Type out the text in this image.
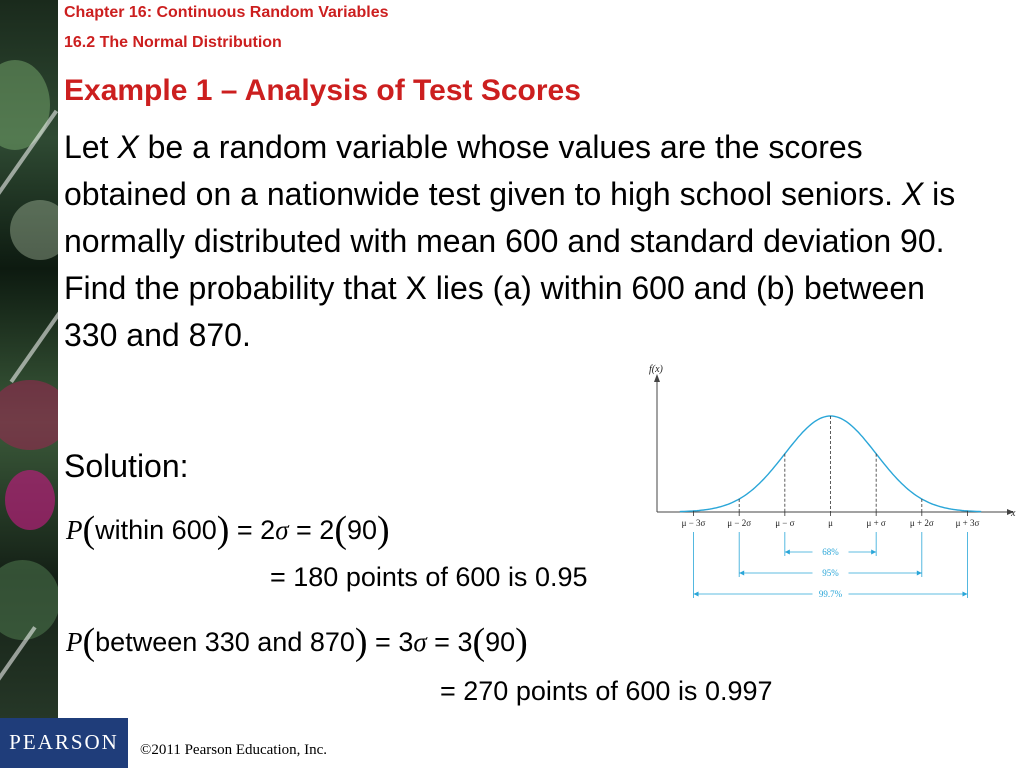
Chapter 16: Continuous Random Variables
16.2 The Normal Distribution
Example 1 – Analysis of Test Scores
Let X be a random variable whose values are the scores obtained on a nationwide test given to high school seniors. X is normally distributed with mean 600 and standard deviation 90. Find the probability that X lies (a) within 600 and (b) between 330 and 870.
Solution:
P(within 600) = 2σ = 2(90)
= 180 points of 600 is 0.95
P(between 330 and 870) = 3σ = 3(90)
= 270 points of 600 is 0.997
f(x)
x
μ − 3σ μ − 2σ	μ − σ	μ	μ + σ	μ + 2σ μ + 3σ
68%
95%
99.7%
PEARSON	©2011 Pearson Education, Inc.
